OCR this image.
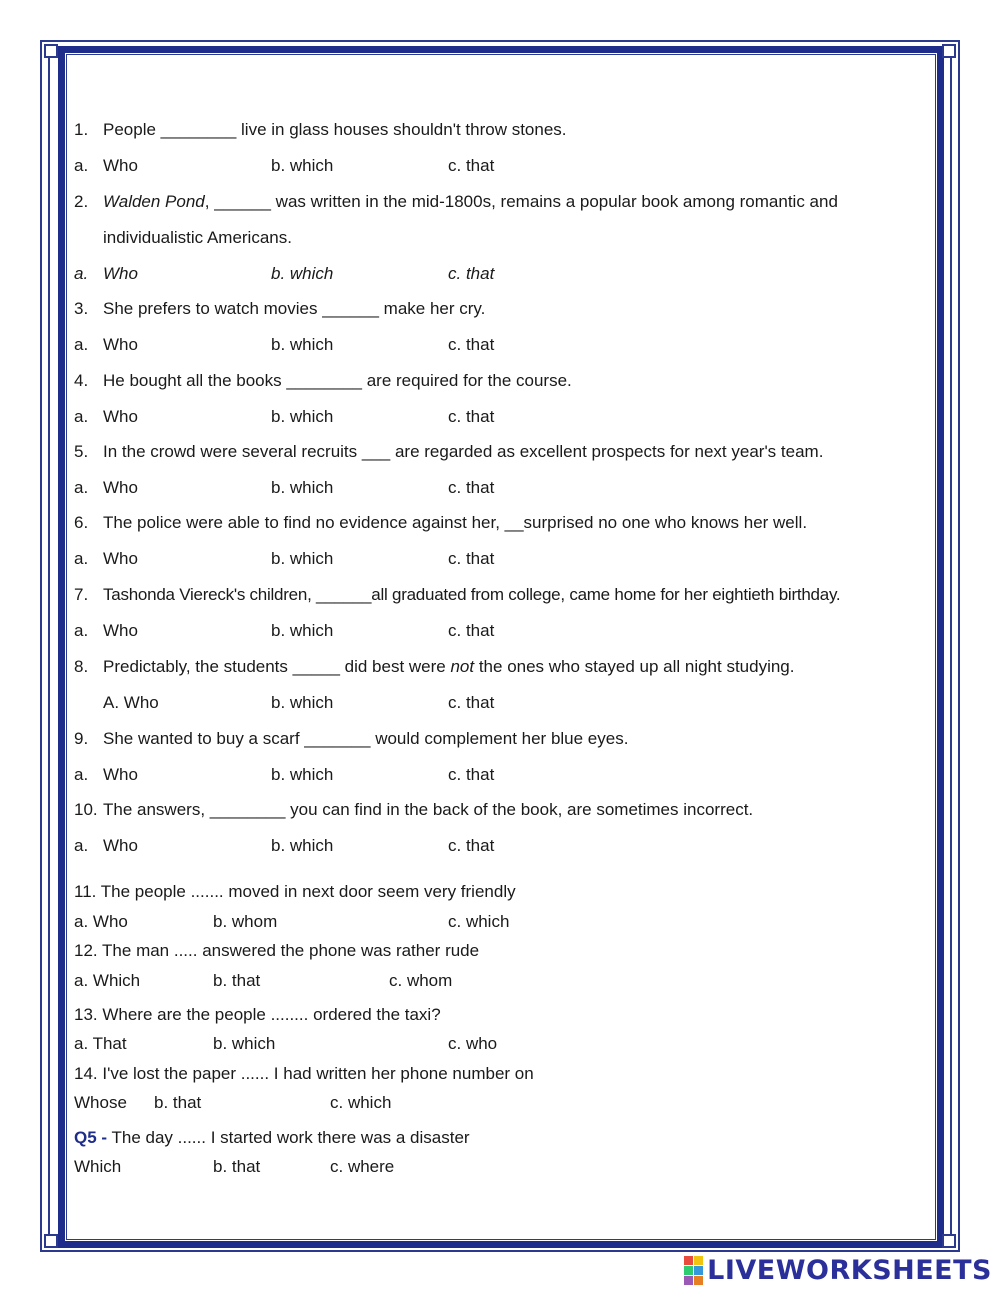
1. People ________ live in glass houses shouldn't throw stones.
a. Who	b. which	c. that
2. Walden Pond, ______ was written in the mid-1800s, remains a popular book among romantic and
individualistic Americans.
a. Who	b. which	c. that
3. She prefers to watch movies ______ make her cry.
a. Who	b. which	c. that
4. He bought all the books ________ are required for the course.
a. Who	b. which	c. that
5. In the crowd were several recruits ___ are regarded as excellent prospects for next year's team.
a. Who	b. which	c. that
6. The police were able to find no evidence against her, __surprised no one who knows her well.
a. Who	b. which	c. that
7. Tashonda Viereck's children, ______all graduated from college, came home for her eightieth birthday.
a. Who	b. which	c. that
8. Predictably, the students _____ did best were not the ones who stayed up all night studying.
A. Who	b. which	c. that
9. She wanted to buy a scarf _______ would complement her blue eyes.
a. Who	b. which	c. that
10. The answers, ________ you can find in the back of the book, are sometimes incorrect.
a. Who	b. which	c. that
11. The people ....... moved in next door seem very friendly
a. Who	b. whom	c. which
12. The man ..... answered the phone was rather rude
a. Which	b. that	c. whom
13. Where are the people ........ ordered the taxi?
a. That	b. which	c. who
14. I've lost the paper ...... I had written her phone number on
Whose b. that	c. which
Q5 - The day ...... I started work there was a disaster
Which	b. that	c. where
LIVEWORKSHEETS
